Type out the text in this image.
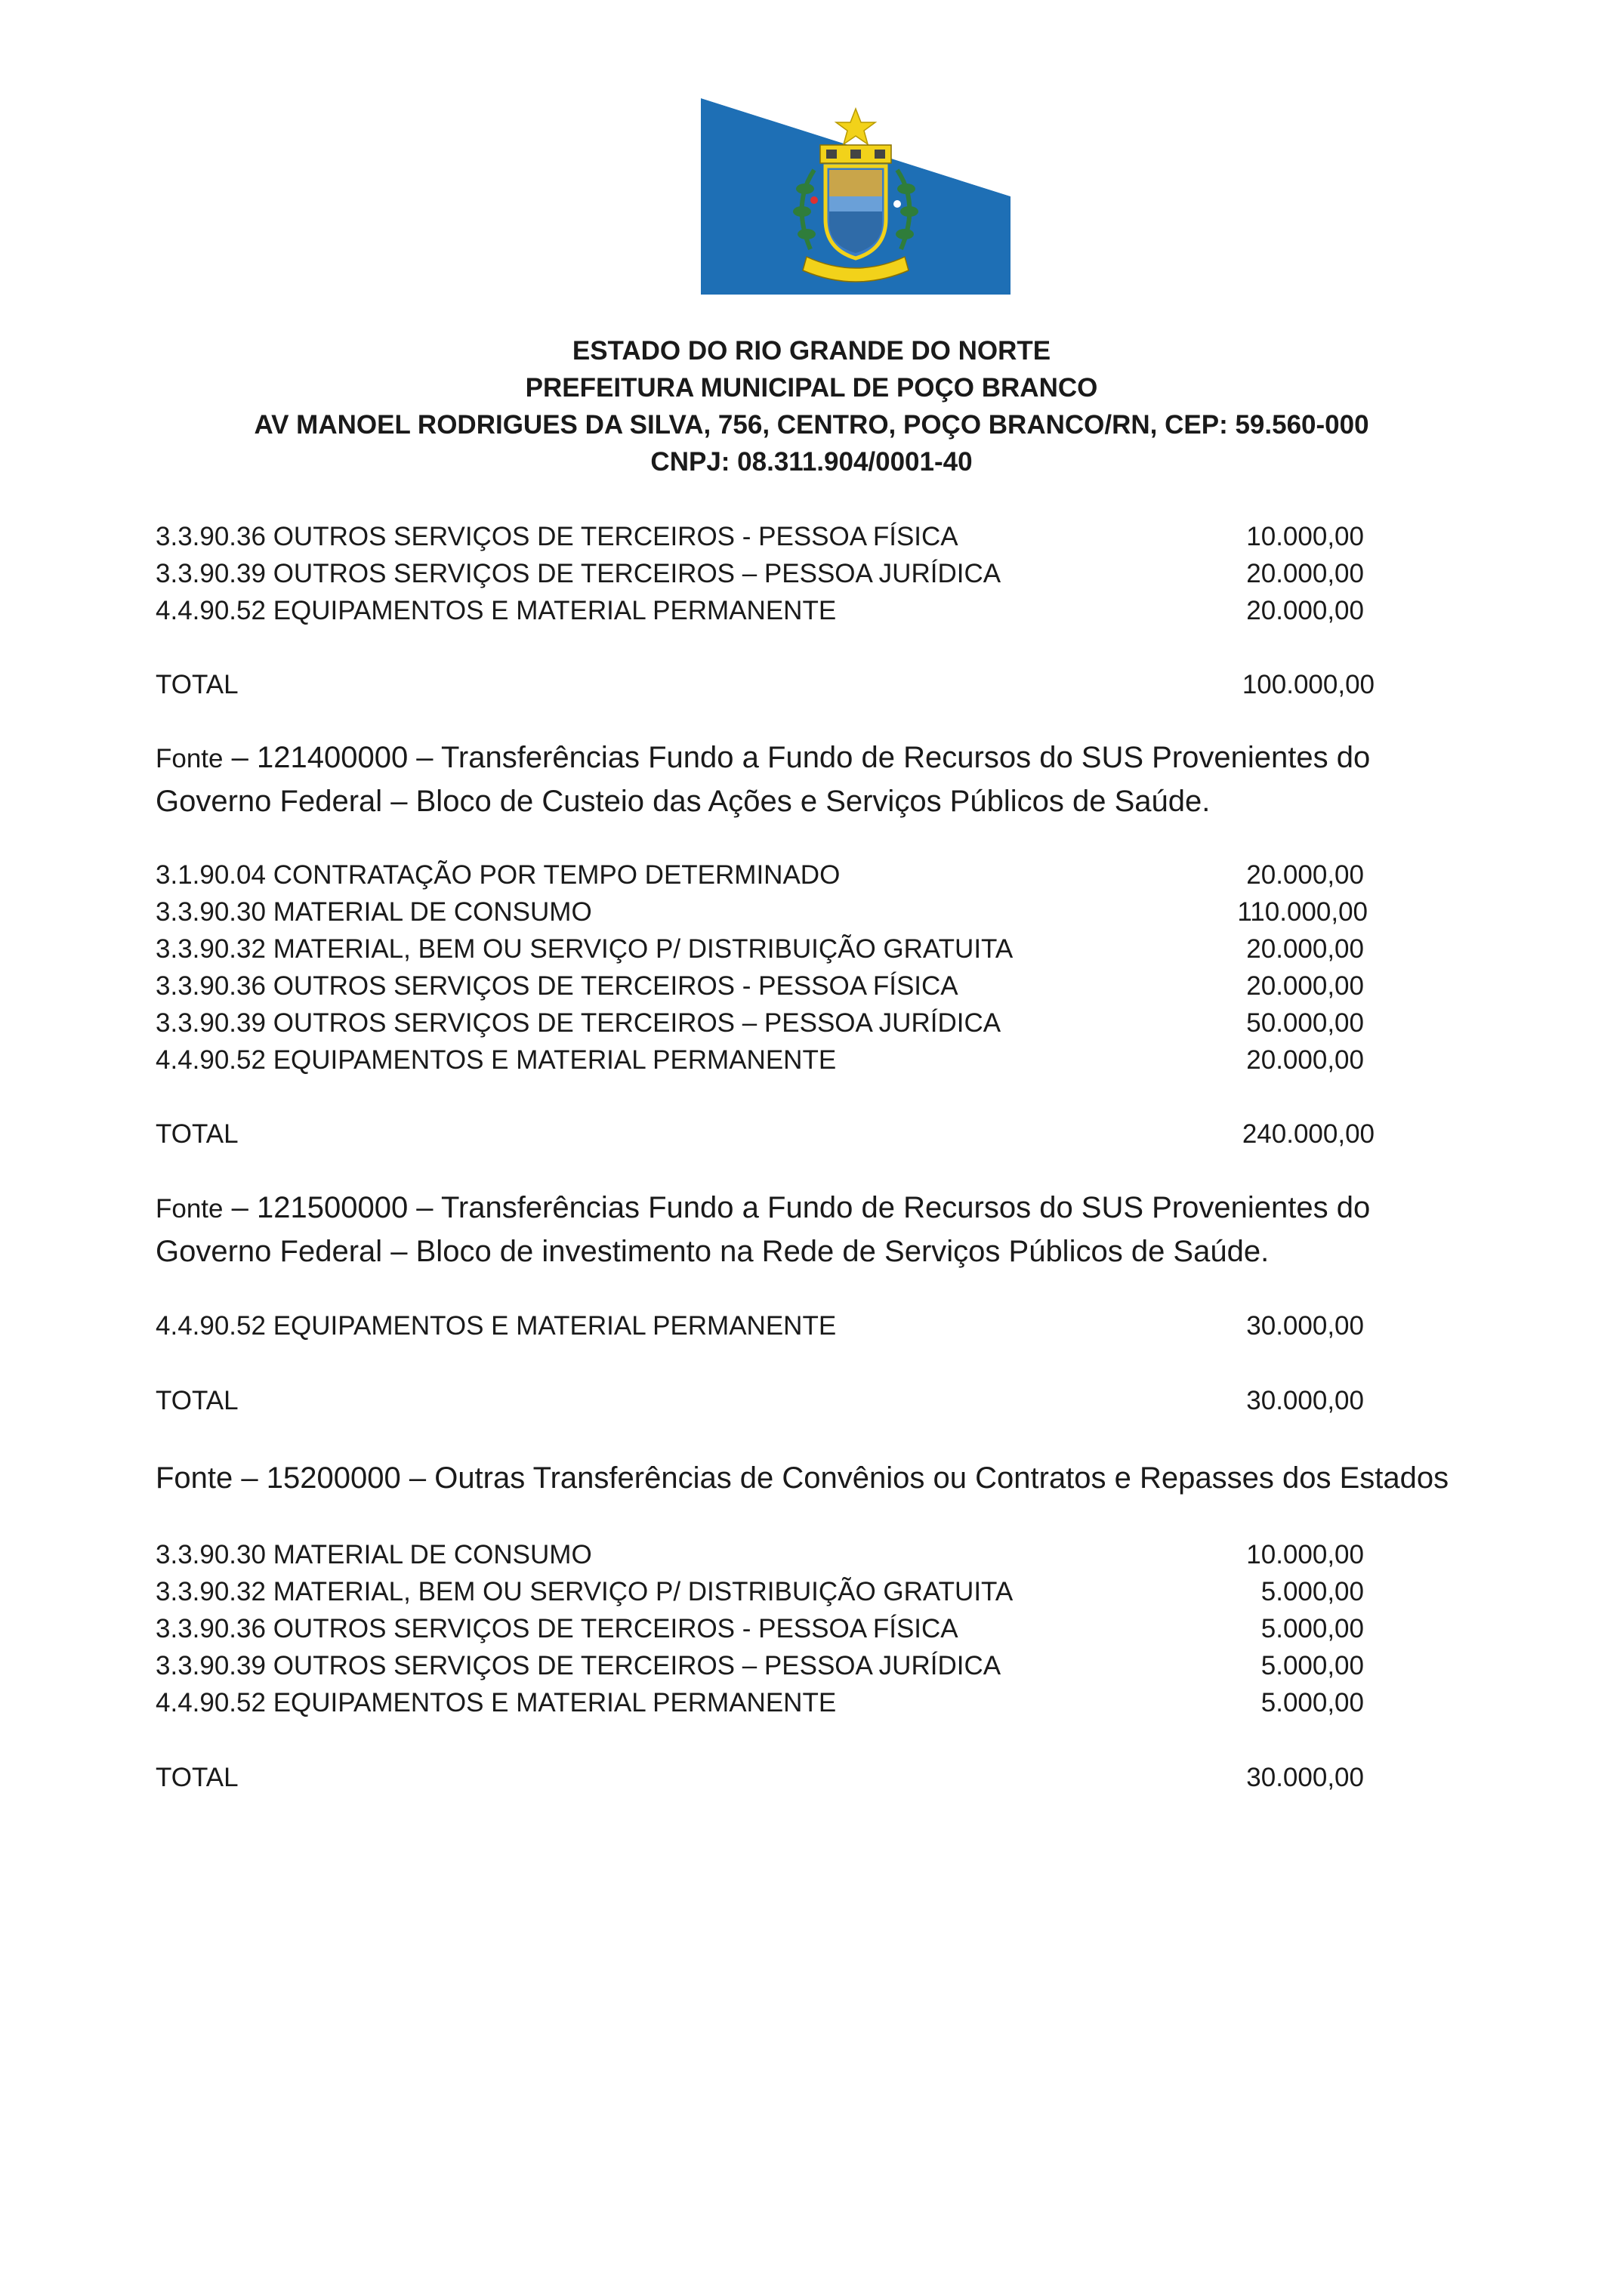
ESTADO DO RIO GRANDE DO NORTE
PREFEITURA MUNICIPAL DE POÇO BRANCO
AV MANOEL RODRIGUES DA SILVA, 756, CENTRO, POÇO BRANCO/RN, CEP: 59.560-000
CNPJ: 08.311.904/0001-40
3.3.90.36 OUTROS SERVIÇOS DE TERCEIROS - PESSOA FÍSICA	10.000,00
3.3.90.39 OUTROS SERVIÇOS DE TERCEIROS – PESSOA JURÍDICA	20.000,00
4.4.90.52 EQUIPAMENTOS E MATERIAL PERMANENTE	20.000,00
TOTAL	100.000,00
Fonte – 121400000 – Transferências Fundo a Fundo de Recursos do SUS Provenientes do Governo Federal – Bloco de Custeio das Ações e Serviços Públicos de Saúde.
3.1.90.04 CONTRATAÇÃO POR TEMPO DETERMINADO	20.000,00
3.3.90.30 MATERIAL DE CONSUMO	110.000,00
3.3.90.32 MATERIAL, BEM OU SERVIÇO P/ DISTRIBUIÇÃO GRATUITA	20.000,00
3.3.90.36 OUTROS SERVIÇOS DE TERCEIROS - PESSOA FÍSICA	20.000,00
3.3.90.39 OUTROS SERVIÇOS DE TERCEIROS – PESSOA JURÍDICA	50.000,00
4.4.90.52 EQUIPAMENTOS E MATERIAL PERMANENTE	20.000,00
TOTAL	240.000,00
Fonte – 121500000 – Transferências Fundo a Fundo de Recursos do SUS Provenientes do Governo Federal – Bloco de investimento na Rede de Serviços Públicos de Saúde.
4.4.90.52 EQUIPAMENTOS E MATERIAL PERMANENTE	30.000,00
TOTAL	30.000,00
Fonte – 15200000 – Outras Transferências de Convênios ou Contratos e Repasses dos Estados
3.3.90.30 MATERIAL DE CONSUMO	10.000,00
3.3.90.32 MATERIAL, BEM OU SERVIÇO P/ DISTRIBUIÇÃO GRATUITA	5.000,00
3.3.90.36 OUTROS SERVIÇOS DE TERCEIROS - PESSOA FÍSICA	5.000,00
3.3.90.39 OUTROS SERVIÇOS DE TERCEIROS – PESSOA JURÍDICA	5.000,00
4.4.90.52 EQUIPAMENTOS E MATERIAL PERMANENTE	5.000,00
TOTAL	30.000,00
